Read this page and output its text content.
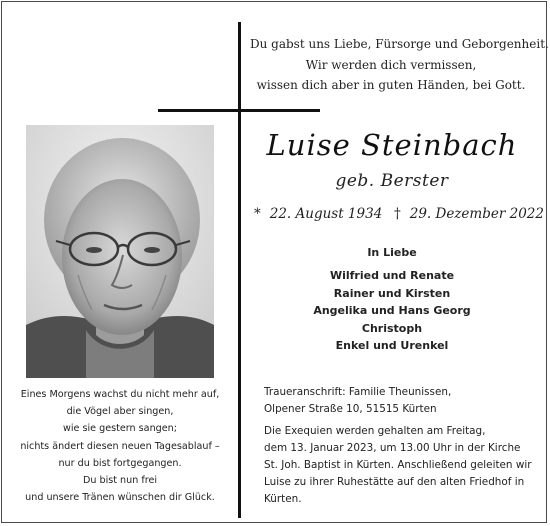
Du gabst uns Liebe, Fürsorge und Geborgenheit.
Wir werden dich vermissen,
wissen dich aber in guten Händen, bei Gott.
Luise Steinbach
geb. Berster
* 22. August 1934 † 29. Dezember 2022
In Liebe
Wilfried und Renate
Rainer und Kirsten
Angelika und Hans Georg
Christoph
Enkel und Urenkel
Eines Morgens wachst du nicht mehr auf,
die Vögel aber singen,
wie sie gestern sangen;
nichts ändert diesen neuen Tagesablauf –
nur du bist fortgegangen.
Du bist nun frei
und unsere Tränen wünschen dir Glück.
Traueranschrift: Familie Theunissen,
Olpener Straße 10, 51515 Kürten
Die Exequien werden gehalten am Freitag,
dem 13. Januar 2023, um 13.00 Uhr in der Kirche
St. Joh. Baptist in Kürten. Anschließend geleiten wir
Luise zu ihrer Ruhestätte auf den alten Friedhof in
Kürten.
